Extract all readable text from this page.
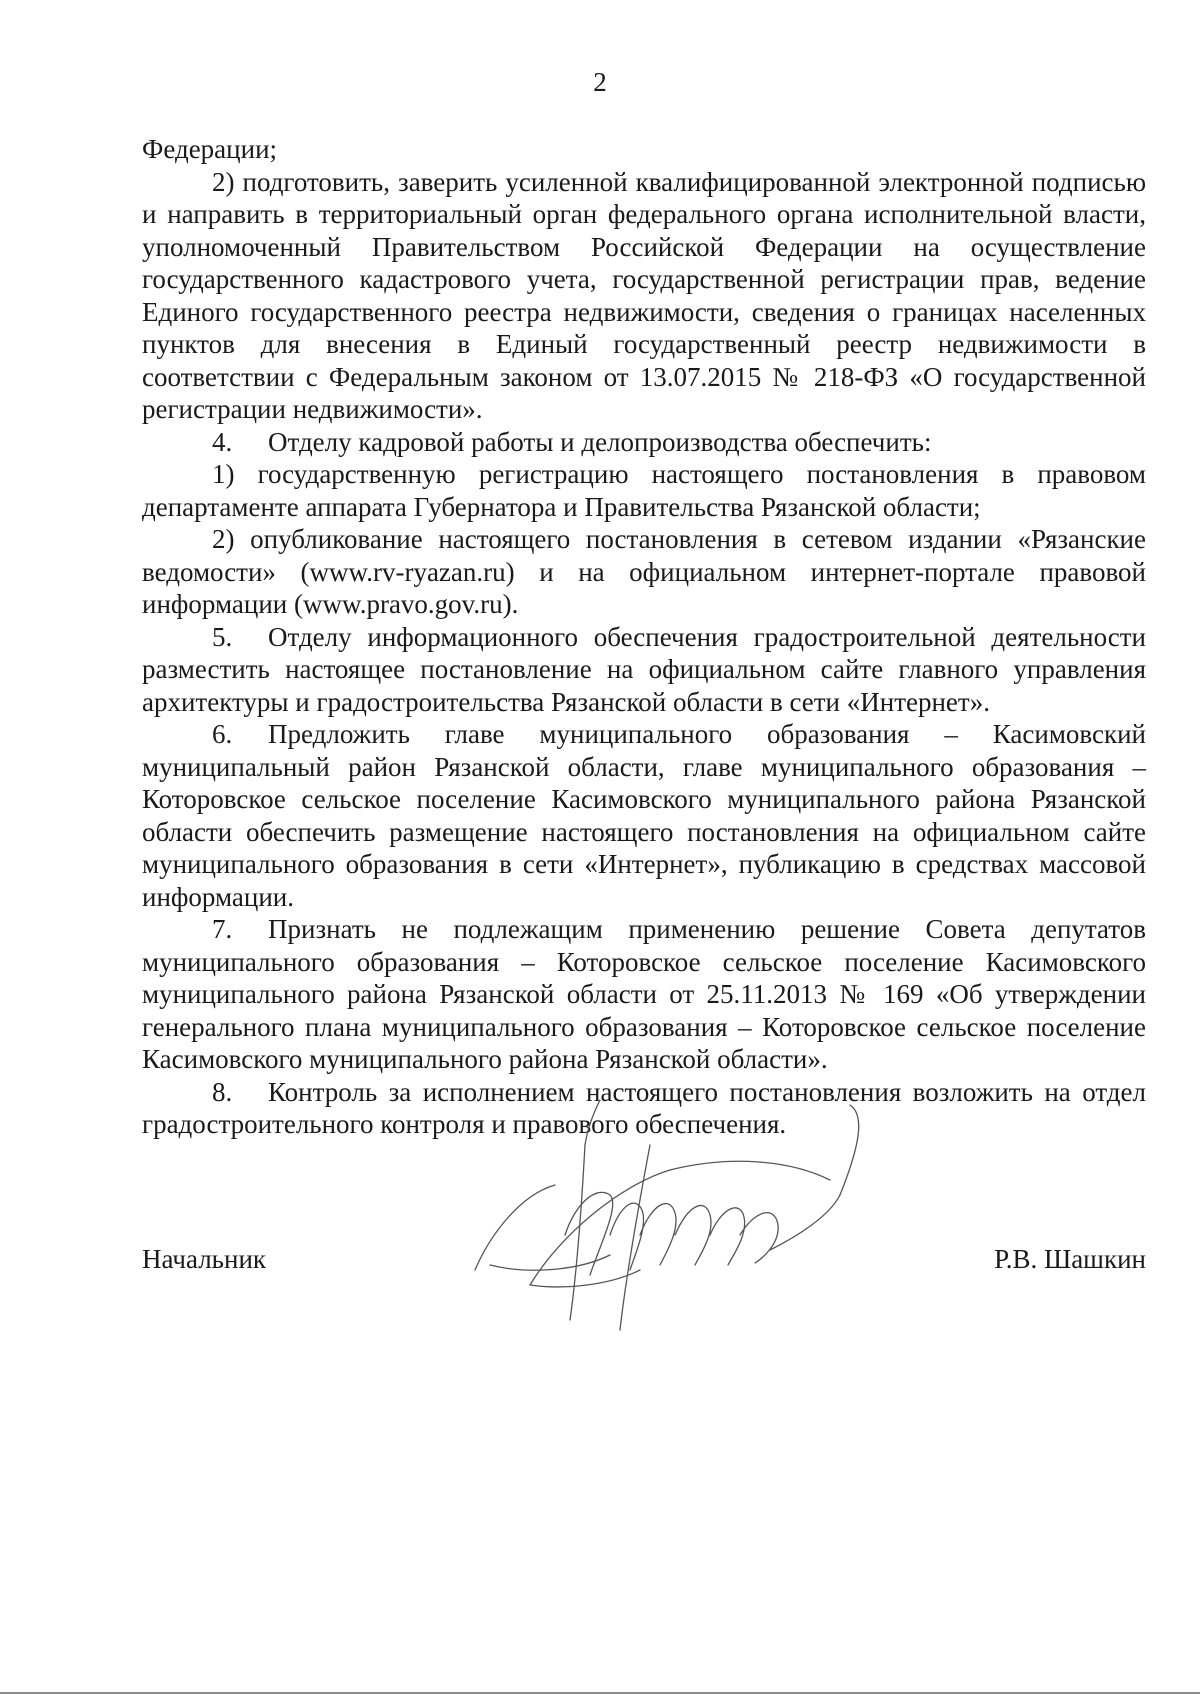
2

Федерации;

2) подготовить, заверить усиленной квалифицированной электронной подписью и направить в территориальный орган федерального органа исполнительной власти, уполномоченный Правительством Российской Федерации на осуществление государственного кадастрового учета, государственной регистрации прав, ведение Единого государственного реестра недвижимости, сведения о границах населенных пунктов для внесения в Единый государственный реестр недвижимости в соответствии с Федеральным законом от 13.07.2015 № 218-ФЗ «О государственной регистрации недвижимости».

4. Отделу кадровой работы и делопроизводства обеспечить:

1) государственную регистрацию настоящего постановления в правовом департаменте аппарата Губернатора и Правительства Рязанской области;

2) опубликование настоящего постановления в сетевом издании «Рязанские ведомости» (www.rv-ryazan.ru) и на официальном интернет-портале правовой информации (www.pravo.gov.ru).

5. Отделу информационного обеспечения градостроительной деятельности разместить настоящее постановление на официальном сайте главного управления архитектуры и градостроительства Рязанской области в сети «Интернет».

6. Предложить главе муниципального образования – Касимовский муниципальный район Рязанской области, главе муниципального образования – Которовское сельское поселение Касимовского муниципального района Рязанской области обеспечить размещение настоящего постановления на официальном сайте муниципального образования в сети «Интернет», публикацию в средствах массовой информации.

7. Признать не подлежащим применению решение Совета депутатов муниципального образования – Которовское сельское поселение Касимовского муниципального района Рязанской области от 25.11.2013 № 169 «Об утверждении генерального плана муниципального образования – Которовское сельское поселение Касимовского муниципального района Рязанской области».

8. Контроль за исполнением настоящего постановления возложить на отдел градостроительного контроля и правового обеспечения.

Начальник	Р.В. Шашкин
